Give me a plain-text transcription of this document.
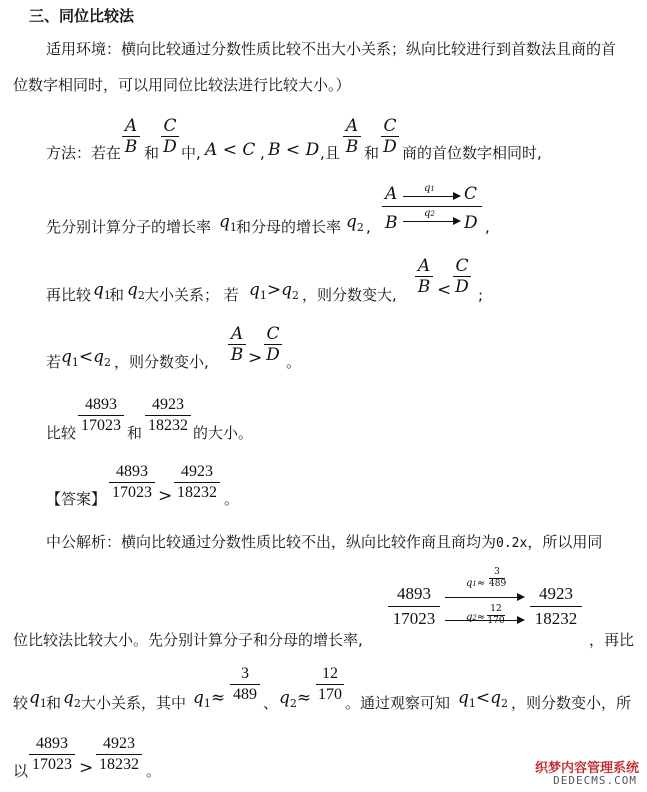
三、同位比较法
适用环境：横向比较通过分数性质比较不出大小关系；纵向比较进行到首数法且商的首
位数字相同时，可以用同位比较法进行比较大小。）
方法：若在
A
B 和
C
D 中, A < C , B < D ,且
A
B 和
C
D 商的首位数字相同时,
先分别计算分子的增长率 $q_1$ 和分母的增长率 $q_2$ ,
A	q1 C
B	q2 D ,
再比较 $q_1$
和 $q_2$ 大小关系； 若 $q_1>q_2$ ，则分数变大,
A
B <
C
D ;
若 $q_1<q_2$ ，则分数变小,
A
B >
C
D 。
比较
4893
17023 和
4923
18232 的大小。
【答案】
4893
17023 >
4923
18232 。
中公解析：横向比较通过分数性质比较不出，纵向比较作商且商均为0.2x，所以用同
位比较法比较大小。先分别计算分子和分母的增长率,
4893
17023
q1≈
3
489
q2≈
12
170
4923
18232
，再比
较 $q_1$ 和 $q_2$ 大小关系，其中 $q_1\approx$
3
489 、 $q_2\approx$
12
170 。通过观察可知 $q_1<q_2$ ，则分数变小，所
以
4893
17023 >
4923
18232 。	织梦内容管理系统
DEDECMS.COM
